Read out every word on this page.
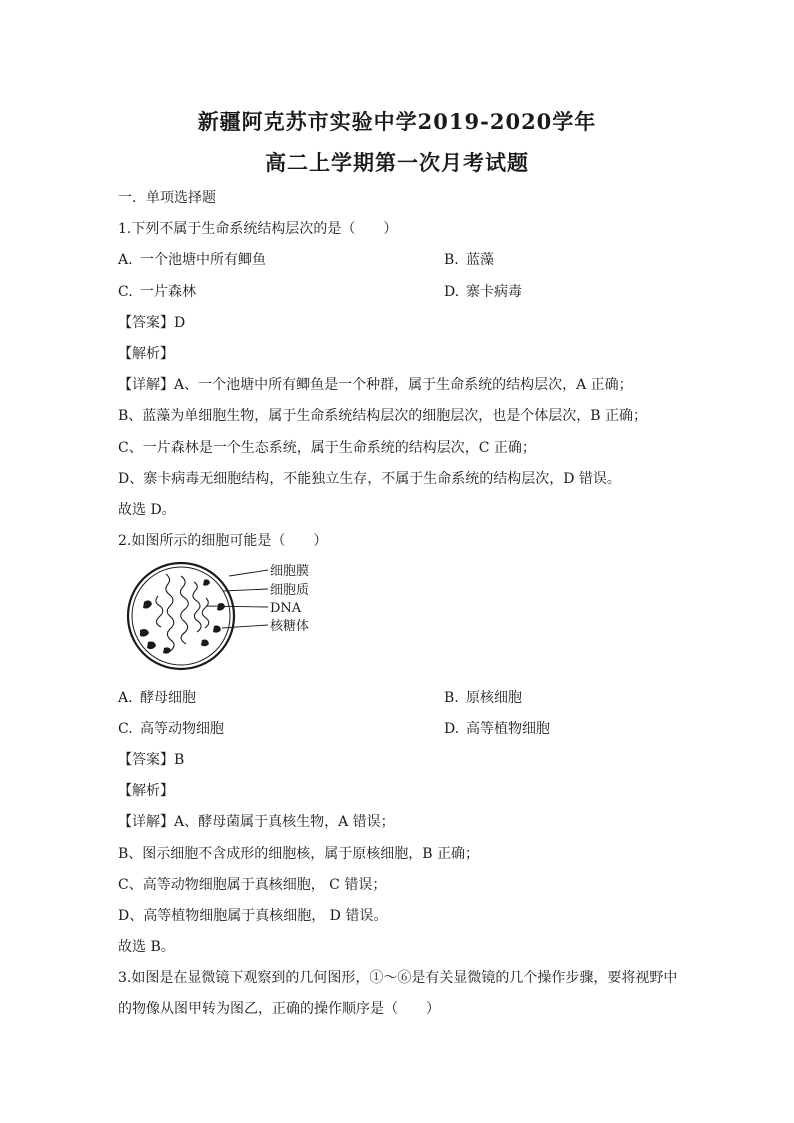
新疆阿克苏市实验中学2019-2020学年
高二上学期第一次月考试题
一．单项选择题
1.下列不属于生命系统结构层次的是（　　）
A. 一个池塘中所有鲫鱼	B. 蓝藻
C. 一片森林	D. 寨卡病毒
【答案】D
【解析】
【详解】A、一个池塘中所有鲫鱼是一个种群，属于生命系统的结构层次，A 正确；
B、蓝藻为单细胞生物，属于生命系统结构层次的细胞层次，也是个体层次，B 正确；
C、一片森林是一个生态系统，属于生命系统的结构层次，C 正确；
D、寨卡病毒无细胞结构，不能独立生存，不属于生命系统的结构层次，D 错误。
故选 D。
2.如图所示的细胞可能是（　　）
细胞膜
细胞质
DNA
核糖体
A. 酵母细胞	B. 原核细胞
C. 高等动物细胞	D. 高等植物细胞
【答案】B
【解析】
【详解】A、酵母菌属于真核生物，A 错误；
B、图示细胞不含成形的细胞核，属于原核细胞，B 正确；
C、高等动物细胞属于真核细胞， C 错误；
D、高等植物细胞属于真核细胞， D 错误。
故选 B。
3.如图是在显微镜下观察到的几何图形，①～⑥是有关显微镜的几个操作步骤，要将视野中
的物像从图甲转为图乙，正确的操作顺序是（　　）
